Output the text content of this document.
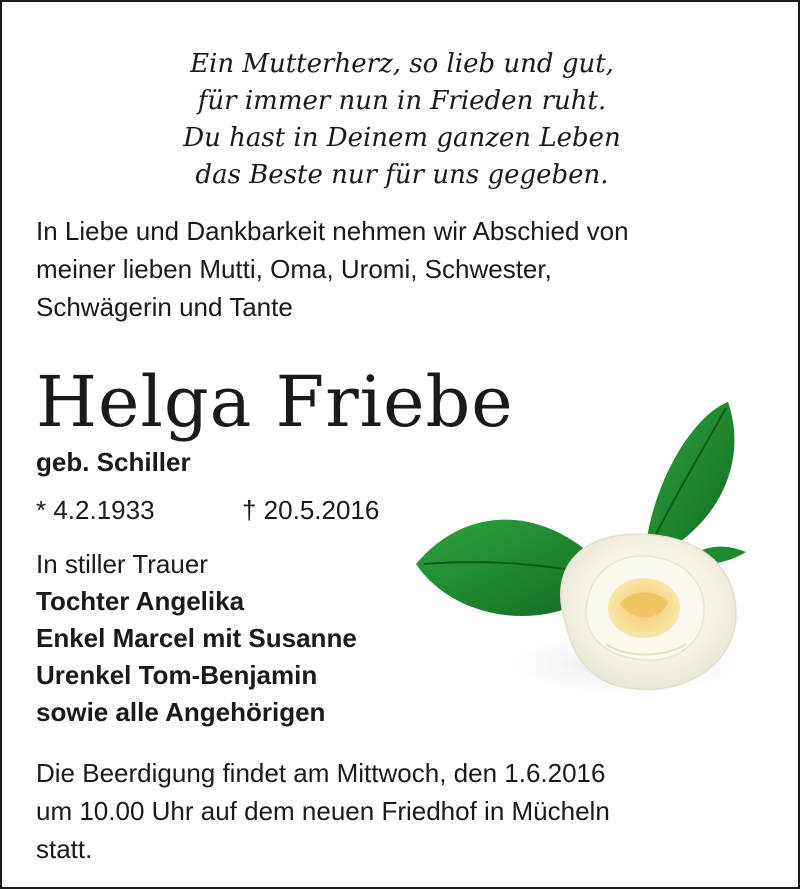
Ein Mutterherz, so lieb und gut,
für immer nun in Frieden ruht.
Du hast in Deinem ganzen Leben
das Beste nur für uns gegeben.
In Liebe und Dankbarkeit nehmen wir Abschied von
meiner lieben Mutti, Oma, Uromi, Schwester,
Schwägerin und Tante
Helga Friebe
geb. Schiller
* 4.2.1933	† 20.5.2016
In stiller Trauer
Tochter Angelika
Enkel Marcel mit Susanne
Urenkel Tom-Benjamin
sowie alle Angehörigen
Die Beerdigung findet am Mittwoch, den 1.6.2016
um 10.00 Uhr auf dem neuen Friedhof in Mücheln
statt.
